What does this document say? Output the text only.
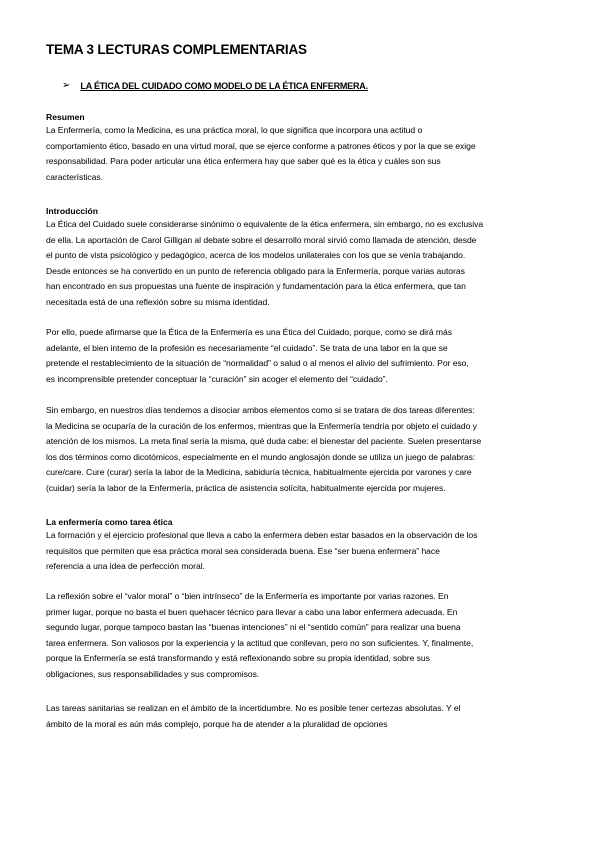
TEMA 3 LECTURAS COMPLEMENTARIAS
➢ LA ÉTICA DEL CUIDADO COMO MODELO DE LA ÉTICA ENFERMERA.
Resumen
La Enfermería, como la Medicina, es una práctica moral, lo que significa que incorpora una actitud o
comportamiento ético, basado en una virtud moral, que se ejerce conforme a patrones éticos y por la que se exige
responsabilidad. Para poder articular una ética enfermera hay que saber qué es la ética y cuáles son sus
características.
Introducción
La Ética del Cuidado suele considerarse sinónimo o equivalente de la ética enfermera, sin embargo, no es exclusiva
de ella. La aportación de Carol Gilligan al debate sobre el desarrollo moral sirvió como llamada de atención, desde
el punto de vista psicológico y pedagógico, acerca de los modelos unilaterales con los que se venía trabajando.
Desde entonces se ha convertido en un punto de referencia obligado para la Enfermería, porque varias autoras
han encontrado en sus propuestas una fuente de inspiración y fundamentación para la ética enfermera, que tan
necesitada está de una reflexión sobre su misma identidad.
Por ello, puede afirmarse que la Ética de la Enfermería es una Ética del Cuidado, porque, como se dirá más
adelante, el bien interno de la profesión es necesariamente “el cuidado”. Se trata de una labor en la que se
pretende el restablecimiento de la situación de “normalidad” o salud o al menos el alivio del sufrimiento. Por eso,
es incomprensible pretender conceptuar la “curación” sin acoger el elemento del “cuidado”.
Sin embargo, en nuestros días tendemos a disociar ambos elementos como si se tratara de dos tareas diferentes:
la Medicina se ocuparía de la curación de los enfermos, mientras que la Enfermería tendría por objeto el cuidado y
atención de los mismos. La meta final sería la misma, qué duda cabe: el bienestar del paciente. Suelen presentarse
los dos términos como dicotómicos, especialmente en el mundo anglosajón donde se utiliza un juego de palabras:
cure/care. Cure (curar) sería la labor de la Medicina, sabiduría técnica, habitualmente ejercida por varones y care
(cuidar) sería la labor de la Enfermería, práctica de asistencia solícita, habitualmente ejercida por mujeres.
La enfermería como tarea ética
La formación y el ejercicio profesional que lleva a cabo la enfermera deben estar basados en la observación de los
requisitos que permiten que esa práctica moral sea considerada buena. Ese “ser buena enfermera” hace
referencia a una idea de perfección moral.
La reflexión sobre el “valor moral” o “bien intrínseco” de la Enfermería es importante por varias razones. En
primer lugar, porque no basta el buen quehacer técnico para llevar a cabo una labor enfermera adecuada. En
segundo lugar, porque tampoco bastan las “buenas intenciones” ni el “sentido común” para realizar una buena
tarea enfermera. Son valiosos por la experiencia y la actitud que conllevan, pero no son suficientes. Y, finalmente,
porque la Enfermería se está transformando y está reflexionando sobre su propia identidad, sobre sus
obligaciones, sus responsabilidades y sus compromisos.
Las tareas sanitarias se realizan en el ámbito de la incertidumbre. No es posible tener certezas absolutas. Y el
ámbito de la moral es aún más complejo, porque ha de atender a la pluralidad de opciones
